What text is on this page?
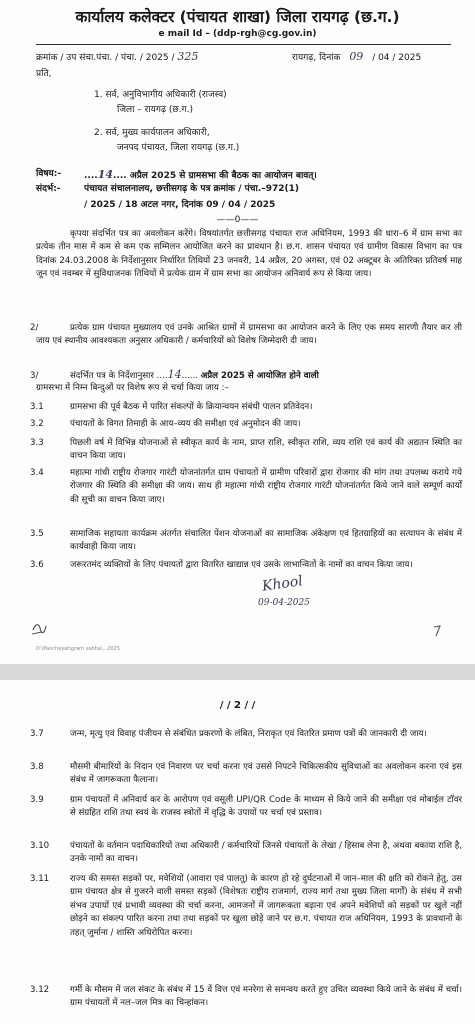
कार्यालय कलेक्टर (पंचायत शाखा) जिला रायगढ़ (छ.ग.)
e mail Id – (ddp-rgh@cg.gov.in)
क्रमांक / उप संचा.पंचा. / पंचा. / 2025 / 325	रायगढ़, दिनांक 09 / 04 / 2025
प्रति,
1. सर्व, अनुविभागीय अधिकारी (राजस्व)
जिला – रायगढ़ (छ.ग.)
2. सर्व, मुख्य कार्यपालन अधिकारी,
जनपद पंचायत, जिला रायगढ़ (छ.ग.)
विषय:-	....14.... अप्रैल 2025 से ग्रामसभा की बैठक का आयोजन बावत्।
संदर्भ:-	पंचायत संचालनालय, छत्तीसगढ़ के पत्र क्रमांक / पंचा.–972(1)
/ 2025 / 18 अटल नगर, दिनांक 09 / 04 / 2025
——0——
कृपया संदर्भित पत्र का अवलोकन करेंगे। विषयांतर्गत छत्तीसगढ़ पंचायत राज अधिनियम, 1993 की धारा–6 में ग्राम सभा का प्रत्येक तीन मास में कम से कम एक सम्मिलन आयोजित करने का प्रावधान है। छ.ग. शासन पंचायत एवं ग्रामीण विकास विभाग का पत्र दिनांक 24.03.2008 के निर्देशानुसार निर्धारित तिथियों 23 जनवरी, 14 अप्रैल, 20 अगस्त, एवं 02 अक्टूबर के अतिरिक्त प्रतिवर्ष माह जून एवं नवम्बर में सुविधाजनक तिथियों में प्रत्येक ग्राम में ग्राम सभा का आयोजन अनिवार्य रूप से किया जाय।
2/	प्रत्येक ग्राम पंचायत मुख्यालय एवं उनके आश्रित ग्रामों में ग्रामसभा का आयोजन करने के लिए एक समय सारणी तैयार कर ली जाय एवं स्थानीय आवश्यकता अनुसार अधिकारी / कर्मचारियों को विशेष जिम्मेदारी दी जाय।
3/	संदर्भित पत्र के निर्देशानुसार ....14...... अप्रैल 2025 से आयोजित होने वाली
ग्रामसभा में निम्न बिन्दुओं पर विशेष रूप से चर्चा किया जाय :–
3.1	ग्रामसभा की पूर्व बैठक में पारित संकल्पों के क्रियान्वयन संबंधी पालन प्रतिवेदन।
3.2	पंचायतों के विगत तिमाही के आय–व्यय की समीक्षा एवं अनुमोदन की जाय।
3.3	पिछली वर्ष में विभिन्न योजनाओं से स्वीकृत कार्य के नाम, प्राप्त राशि, स्वीकृत राशि, व्यय राशि एवं कार्य की अद्यतन स्थिति का वाचन किया जाय।
3.4	महात्मा गांधी राष्ट्रीय रोजगार गारंटी योजनांतर्गत ग्राम पंचायतों में ग्रामीण परिवारों द्वारा रोजगार की मांग तथा उपलब्ध कराये गये रोजगार की स्थिति की समीक्षा की जाय। साथ ही महात्मा गांधी राष्ट्रीय रोजगार गारंटी योजनांतर्गत किये जाने वाले सम्पूर्ण कार्यों की सूची का वाचन किया जाए।
3.5	सामाजिक सहायता कार्यक्रम अंतर्गत संचालित पेंशन योजनाओं का सामाजिक अंकेक्षण एवं हितग्राहियों का सत्यापन के संबंध में कार्यवाही किया जाय।
3.6	जरूरतमंद व्यक्तियों के लिए पंचायतों द्वारा वितरित खाद्यान्न एवं उसके लाभान्वितों के नामों का वाचन किया जाय।
Khool
09-04-2025
D:\Panchayat\gram sabha\...2025
/ / 2 / /
3.7	जन्म, मृत्यु एवं विवाह पंजीयन से संबंधित प्रकरणों के लंबित, निराकृत एवं वितरित प्रमाण पत्रों की जानकारी दी जाय।
3.8	मौसमी बीमारियों के निदान एवं निवारण पर चर्चा करना एवं उससे निपटने चिकित्सकीय सुविधाओं का अवलोकन करना एवं इस संबंध में जागरूकता फैलाना।
3.9	ग्राम पंचायतों में अनिवार्य कर के आरोपण एवं वसूली UPI/QR Code के माध्यम से किये जाने की समीक्षा एवं मोबाईल टॉवर से संग्रहित राशि तथा स्वयं के राजस्व स्त्रोतों में वृद्धि के उपायों पर चर्चा एवं प्रस्ताव।
3.10 पंचायतों के वर्तमान पदाधिकारियों तथा अधिकारी / कर्मचारियों जिनसे पंचायतों के लेखा / हिसाब लेना है, अथवा बकाया राशि है, उनके नामों का वाचन।
3.11 राज्य की समस्त सड़कों पर, मवेशियों (आवारा एवं पालतु) के कारण हो रहे दुर्घटनाओं में जान–माल की क्षति को रोकने हेतु, उस ग्राम पंचायत क्षेत्र से गुजरने वाली समस्त सड़कों (विशेषतः राष्ट्रीय राजमार्ग, राज्य मार्ग तथा मुख्य जिला मार्गों) के संबंध में सभी संभव उपायों एवं प्रभावी व्यवस्था की चर्चा करना, आमजनों में जागरूकता बढ़ाना एवं अपने मवेशियों को सड़कों पर खुले नहीं छोड़ने का संकल्प पारित करना तथा तथा सड़कों पर खुला छोड़े जाने पर छ.ग. पंचायत राज अधिनियम, 1993 के प्रावधानों के तहत् जुर्माना / शास्ति अधिरोपित करना।
3.12 गर्मी के मौसम में जल संकट के संबंध में 15 वें वित्त एवं मनरेगा से समन्वय करते हुए उचित व्यवस्था किये जाने के संबंध में चर्चा। ग्राम पंचायतों में नल–जल मित्र का चिन्हांकन।
